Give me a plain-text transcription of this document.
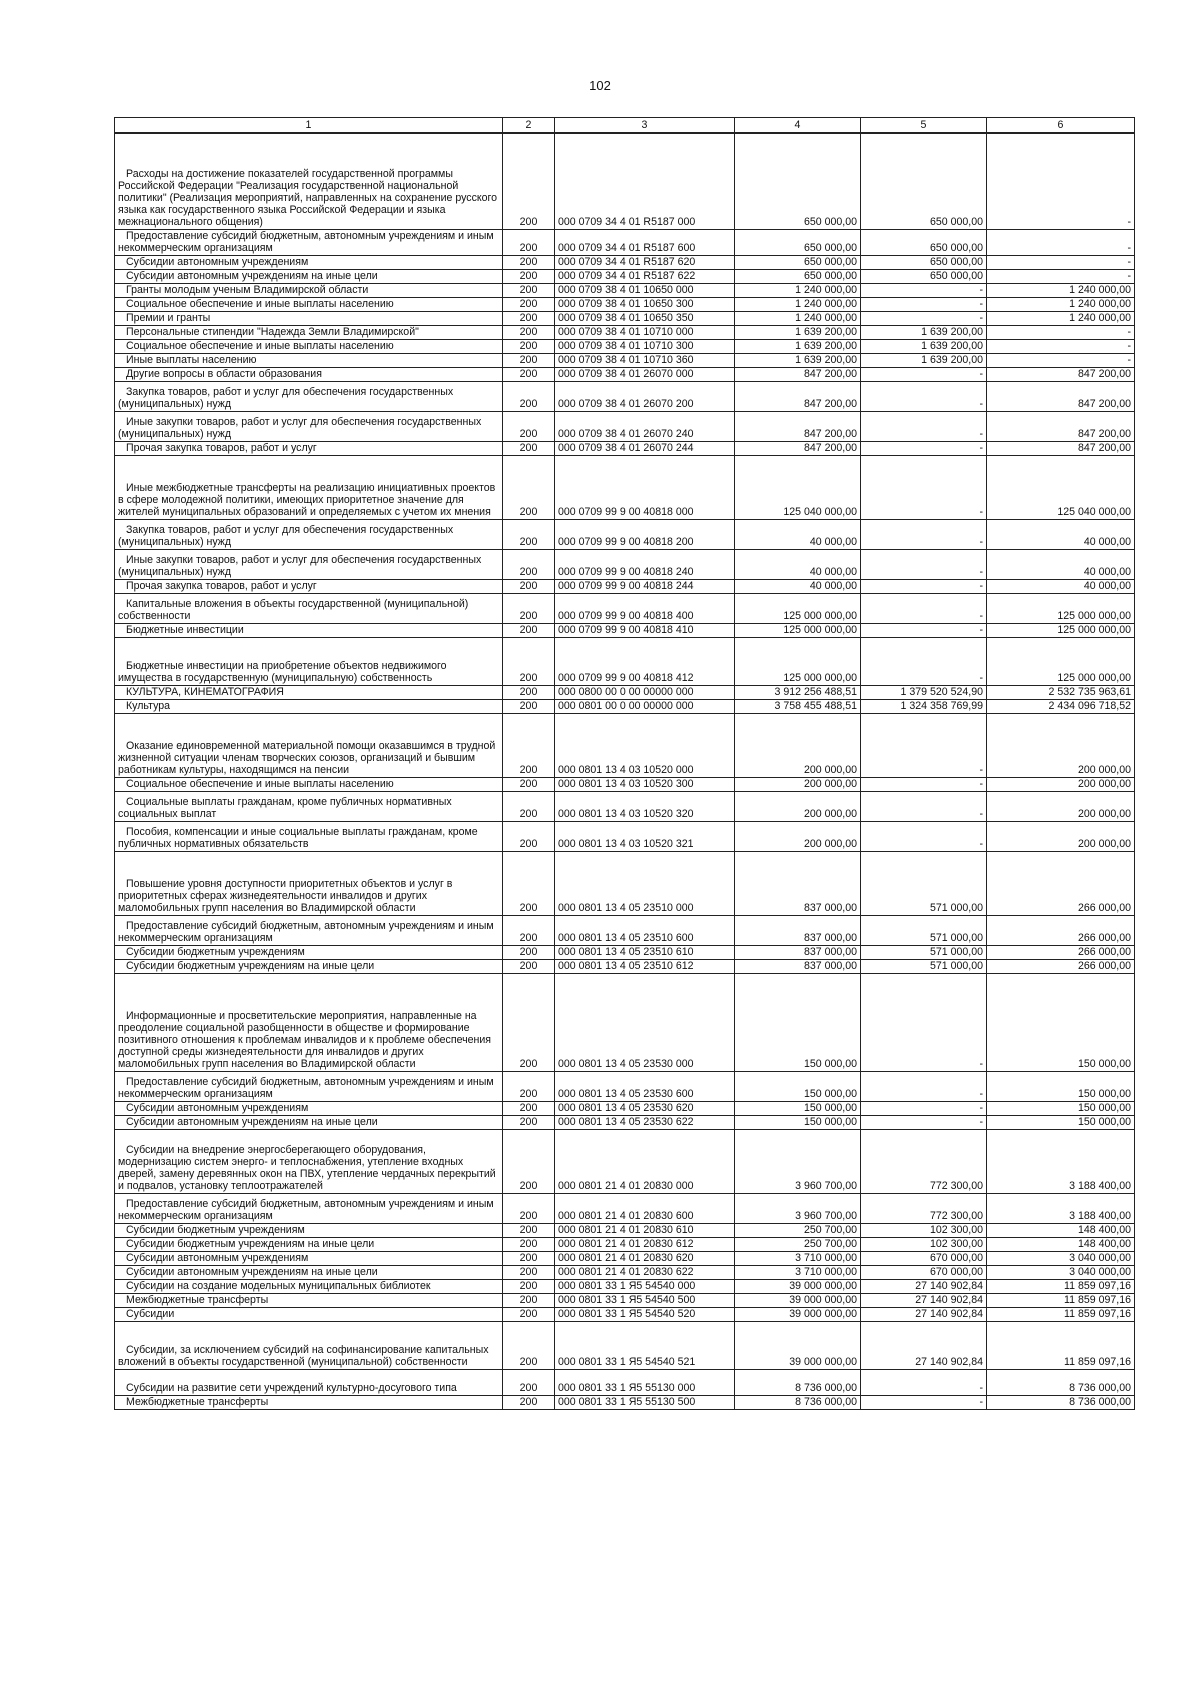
102
1	2	3	4	5	6
Расходы на достижение показателей государственной программы Российской Федерации "Реализация государственной национальной политики" (Реализация мероприятий, направленных на сохранение русского языка как государственного языка Российской Федерации и языка межнационального общения)	200	000 0709 34 4 01 R5187 000	650 000,00	650 000,00	-
Предоставление субсидий бюджетным, автономным учреждениям и иным некоммерческим организациям	200	000 0709 34 4 01 R5187 600	650 000,00	650 000,00	-
Субсидии автономным учреждениям	200	000 0709 34 4 01 R5187 620	650 000,00	650 000,00	-
Субсидии автономным учреждениям на иные цели	200	000 0709 34 4 01 R5187 622	650 000,00	650 000,00	-
Гранты молодым ученым Владимирской области	200	000 0709 38 4 01 10650 000	1 240 000,00	-	1 240 000,00
Социальное обеспечение и иные выплаты населению	200	000 0709 38 4 01 10650 300	1 240 000,00	-	1 240 000,00
Премии и гранты	200	000 0709 38 4 01 10650 350	1 240 000,00	-	1 240 000,00
Персональные стипендии "Надежда Земли Владимирской"	200	000 0709 38 4 01 10710 000	1 639 200,00	1 639 200,00	-
Социальное обеспечение и иные выплаты населению	200	000 0709 38 4 01 10710 300	1 639 200,00	1 639 200,00	-
Иные выплаты населению	200	000 0709 38 4 01 10710 360	1 639 200,00	1 639 200,00	-
Другие вопросы в области образования	200	000 0709 38 4 01 26070 000	847 200,00	-	847 200,00
Закупка товаров, работ и услуг для обеспечения государственных (муниципальных) нужд	200	000 0709 38 4 01 26070 200	847 200,00	-	847 200,00
Иные закупки товаров, работ и услуг для обеспечения государственных (муниципальных) нужд	200	000 0709 38 4 01 26070 240	847 200,00	-	847 200,00
Прочая закупка товаров, работ и услуг	200	000 0709 38 4 01 26070 244	847 200,00	-	847 200,00
Иные межбюджетные трансферты на реализацию инициативных проектов в сфере молодежной политики, имеющих приоритетное значение для жителей муниципальных образований и определяемых с учетом их мнения	200	000 0709 99 9 00 40818 000	125 040 000,00	-	125 040 000,00
Закупка товаров, работ и услуг для обеспечения государственных (муниципальных) нужд	200	000 0709 99 9 00 40818 200	40 000,00	-	40 000,00
Иные закупки товаров, работ и услуг для обеспечения государственных (муниципальных) нужд	200	000 0709 99 9 00 40818 240	40 000,00	-	40 000,00
Прочая закупка товаров, работ и услуг	200	000 0709 99 9 00 40818 244	40 000,00	-	40 000,00
Капитальные вложения в объекты государственной (муниципальной) собственности	200	000 0709 99 9 00 40818 400	125 000 000,00	-	125 000 000,00
Бюджетные инвестиции	200	000 0709 99 9 00 40818 410	125 000 000,00	-	125 000 000,00
Бюджетные инвестиции на приобретение объектов недвижимого имущества в государственную (муниципальную) собственность	200	000 0709 99 9 00 40818 412	125 000 000,00	-	125 000 000,00
КУЛЬТУРА, КИНЕМАТОГРАФИЯ	200	000 0800 00 0 00 00000 000	3 912 256 488,51	1 379 520 524,90	2 532 735 963,61
Культура	200	000 0801 00 0 00 00000 000	3 758 455 488,51	1 324 358 769,99	2 434 096 718,52
Оказание единовременной материальной помощи оказавшимся в трудной жизненной ситуации членам творческих союзов, организаций и бывшим работникам культуры, находящимся на пенсии	200	000 0801 13 4 03 10520 000	200 000,00	-	200 000,00
Социальное обеспечение и иные выплаты населению	200	000 0801 13 4 03 10520 300	200 000,00	-	200 000,00
Социальные выплаты гражданам, кроме публичных нормативных социальных выплат	200	000 0801 13 4 03 10520 320	200 000,00	-	200 000,00
Пособия, компенсации и иные социальные выплаты гражданам, кроме публичных нормативных обязательств	200	000 0801 13 4 03 10520 321	200 000,00	-	200 000,00
Повышение уровня доступности приоритетных объектов и услуг в приоритетных сферах жизнедеятельности инвалидов и других маломобильных групп населения во Владимирской области	200	000 0801 13 4 05 23510 000	837 000,00	571 000,00	266 000,00
Предоставление субсидий бюджетным, автономным учреждениям и иным некоммерческим организациям	200	000 0801 13 4 05 23510 600	837 000,00	571 000,00	266 000,00
Субсидии бюджетным учреждениям	200	000 0801 13 4 05 23510 610	837 000,00	571 000,00	266 000,00
Субсидии бюджетным учреждениям на иные цели	200	000 0801 13 4 05 23510 612	837 000,00	571 000,00	266 000,00
Информационные и просветительские мероприятия, направленные на преодоление социальной разобщенности в обществе и формирование позитивного отношения к проблемам инвалидов и к проблеме обеспечения доступной среды жизнедеятельности для инвалидов и других маломобильных групп населения во Владимирской области	200	000 0801 13 4 05 23530 000	150 000,00	-	150 000,00
Предоставление субсидий бюджетным, автономным учреждениям и иным некоммерческим организациям	200	000 0801 13 4 05 23530 600	150 000,00	-	150 000,00
Субсидии автономным учреждениям	200	000 0801 13 4 05 23530 620	150 000,00	-	150 000,00
Субсидии автономным учреждениям на иные цели	200	000 0801 13 4 05 23530 622	150 000,00	-	150 000,00
Субсидии на внедрение энергосберегающего оборудования, модернизацию систем энерго- и теплоснабжения, утепление входных дверей, замену деревянных окон на ПВХ, утепление чердачных перекрытий и подвалов, установку теплоотражателей	200	000 0801 21 4 01 20830 000	3 960 700,00	772 300,00	3 188 400,00
Предоставление субсидий бюджетным, автономным учреждениям и иным некоммерческим организациям	200	000 0801 21 4 01 20830 600	3 960 700,00	772 300,00	3 188 400,00
Субсидии бюджетным учреждениям	200	000 0801 21 4 01 20830 610	250 700,00	102 300,00	148 400,00
Субсидии бюджетным учреждениям на иные цели	200	000 0801 21 4 01 20830 612	250 700,00	102 300,00	148 400,00
Субсидии автономным учреждениям	200	000 0801 21 4 01 20830 620	3 710 000,00	670 000,00	3 040 000,00
Субсидии автономным учреждениям на иные цели	200	000 0801 21 4 01 20830 622	3 710 000,00	670 000,00	3 040 000,00
Субсидии на создание модельных муниципальных библиотек	200	000 0801 33 1 Я5 54540 000	39 000 000,00	27 140 902,84	11 859 097,16
Межбюджетные трансферты	200	000 0801 33 1 Я5 54540 500	39 000 000,00	27 140 902,84	11 859 097,16
Субсидии	200	000 0801 33 1 Я5 54540 520	39 000 000,00	27 140 902,84	11 859 097,16
Субсидии, за исключением субсидий на софинансирование капитальных вложений в объекты государственной (муниципальной) собственности	200	000 0801 33 1 Я5 54540 521	39 000 000,00	27 140 902,84	11 859 097,16
Субсидии на развитие сети учреждений культурно-досугового типа	200	000 0801 33 1 Я5 55130 000	8 736 000,00	-	8 736 000,00
Межбюджетные трансферты	200	000 0801 33 1 Я5 55130 500	8 736 000,00	-	8 736 000,00
